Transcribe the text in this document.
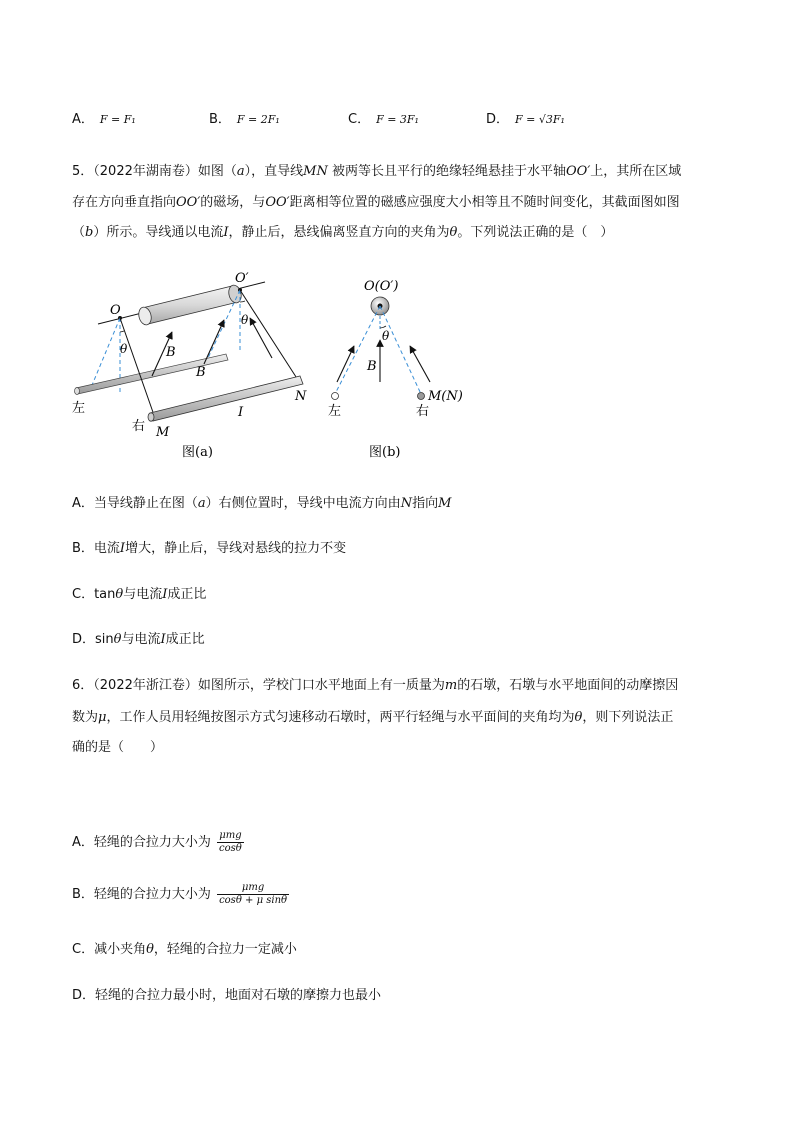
A． F = F₁	B． F = 2F₁	C． F = 3F₁	D． F = √3F₁
5．（2022年湖南卷）如图（a），直导线MN 被两等长且平行的绝缘轻绳悬挂于水平轴OO′上，其所在区域
存在方向垂直指向OO′的磁场，与OO′距离相等位置的磁感应强度大小相等且不随时间变化，其截面图如图
（b）所示。导线通以电流I，静止后，悬线偏离竖直方向的夹角为θ。下列说法正确的是（　）
O
O′
θ
θ
B
B
I
N
M
左
右
图(a)
O(O′)
θ
B
M(N)
左	右
图(b)
A．当导线静止在图（a）右侧位置时，导线中电流方向由N指向M
B．电流I增大，静止后，导线对悬线的拉力不变
C．tanθ与电流I成正比
D．sinθ与电流I成正比
6．（2022年浙江卷）如图所示，学校门口水平地面上有一质量为m的石墩，石墩与水平地面间的动摩擦因
数为μ，工作人员用轻绳按图示方式匀速移动石墩时，两平行轻绳与水平面间的夹角均为θ，则下列说法正
确的是（　　）
A．轻绳的合拉力大小为 $\frac{\text{μmg}}{\cos\theta}$
B．轻绳的合拉力大小为 $\frac{\text{μmg}}{\text{cosθ + μ sinθ}}$
C．减小夹角θ，轻绳的合拉力一定减小
D．轻绳的合拉力最小时，地面对石墩的摩擦力也最小
